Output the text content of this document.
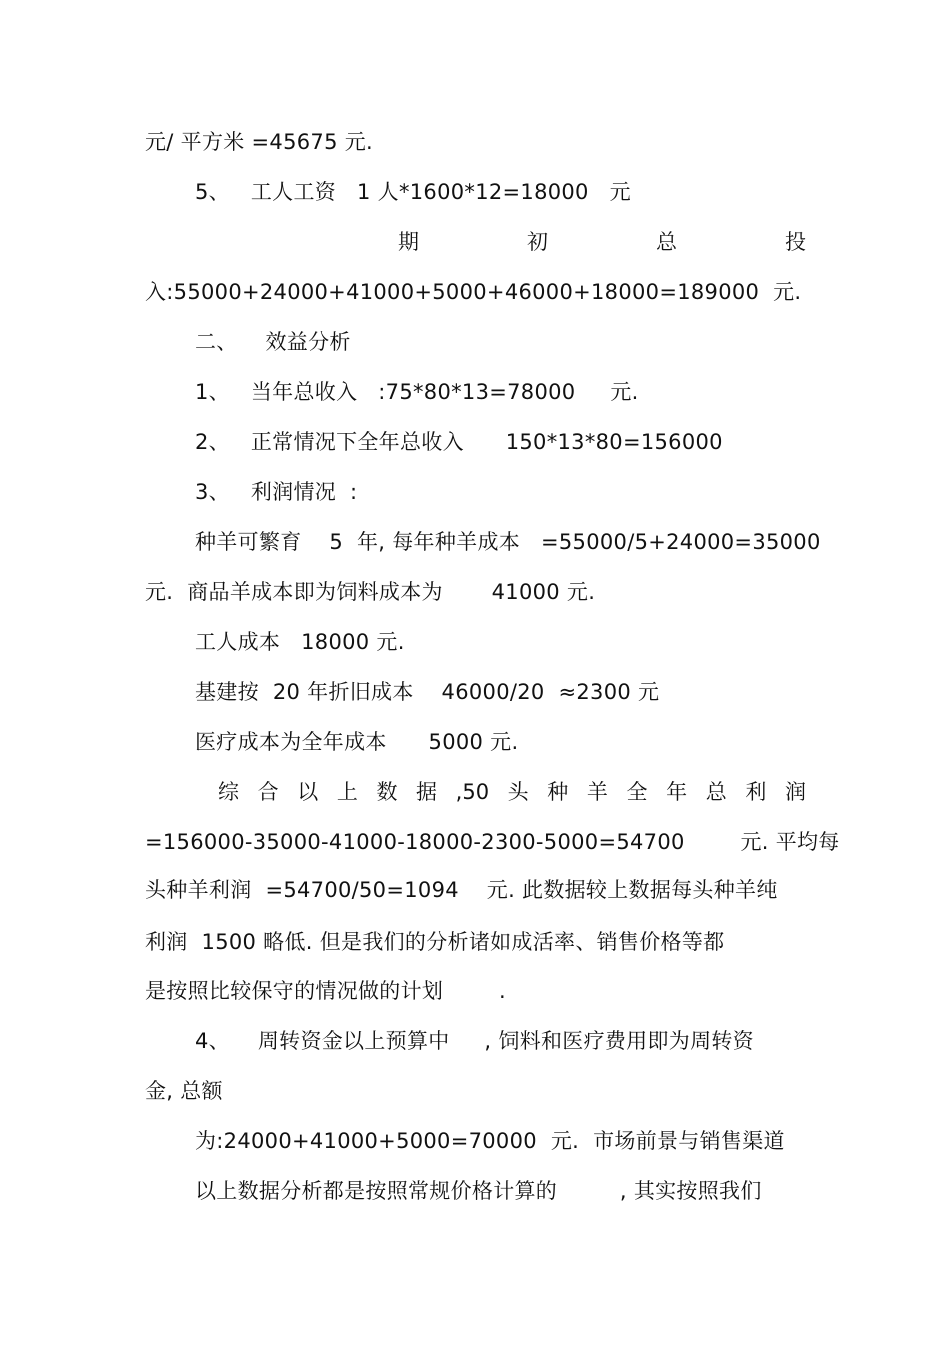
元/ 平方米 =45675 元.
5、   工人工资   1 人*1600*12=18000   元
期	初	总	投
入:55000+24000+41000+5000+46000+18000=189000  元.
二、    效益分析
1、   当年总收入   :75*80*13=78000     元.
2、   正常情况下全年总收入      150*13*80=156000
3、   利润情况  :
种羊可繁育    5  年, 每年种羊成本   =55000/5+24000=35000
元.  商品羊成本即为饲料成本为       41000 元.
工人成本   18000 元.
基建按  20 年折旧成本    46000/20  ≈2300 元
医疗成本为全年成本      5000 元.
综 合 以 上 数 据 ,50 头 种 羊 全 年 总 利 润
=156000-35000-41000-18000-2300-5000=54700        元. 平均每
头种羊利润  =54700/50=1094    元. 此数据较上数据每头种羊纯
利润  1500 略低. 但是我们的分析诸如成活率、销售价格等都
是按照比较保守的情况做的计划        .
4、    周转资金以上预算中     , 饲料和医疗费用即为周转资
金, 总额
为:24000+41000+5000=70000  元.  市场前景与销售渠道
以上数据分析都是按照常规价格计算的         , 其实按照我们
